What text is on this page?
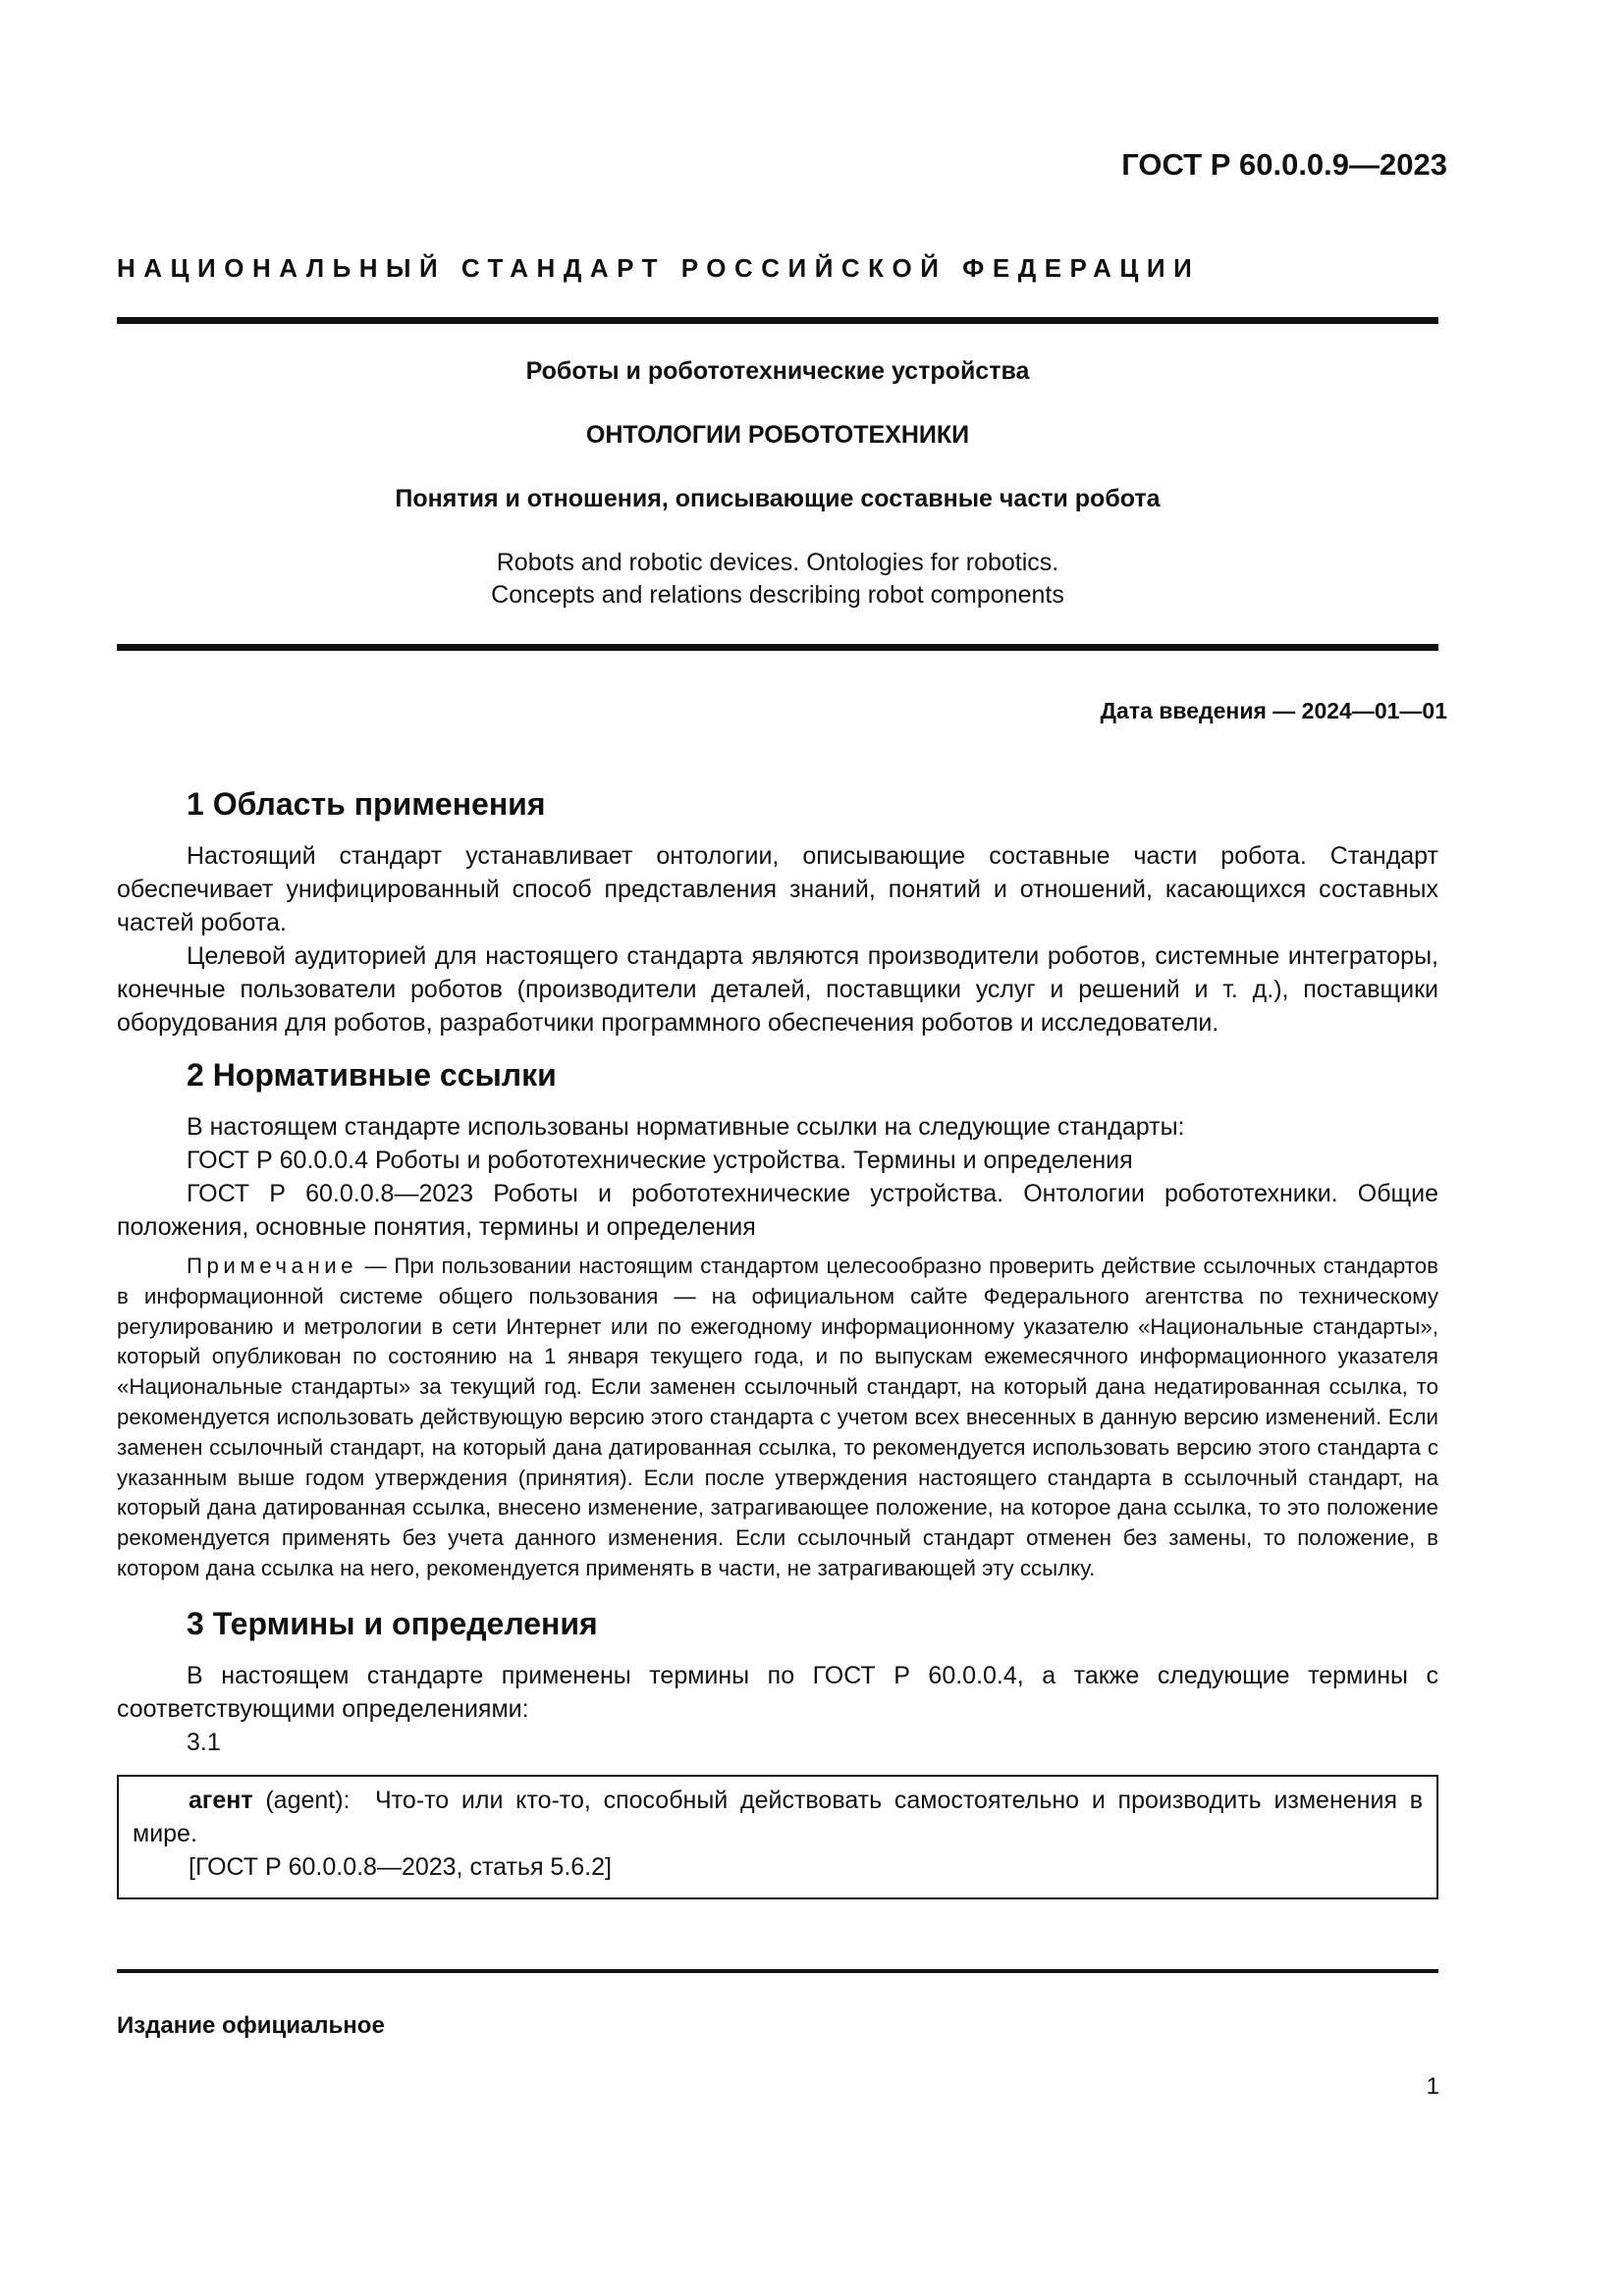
ГОСТ Р 60.0.0.9—2023
НАЦИОНАЛЬНЫЙ СТАНДАРТ РОССИЙСКОЙ ФЕДЕРАЦИИ
Роботы и робототехнические устройства
ОНТОЛОГИИ РОБОТОТЕХНИКИ
Понятия и отношения, описывающие составные части робота
Robots and robotic devices. Ontologies for robotics.
Concepts and relations describing robot components
Дата введения — 2024—01—01
1 Область применения

Настоящий стандарт устанавливает онтологии, описывающие составные части робота. Стандарт обеспечивает унифицированный способ представления знаний, понятий и отношений, касающихся составных частей робота.

Целевой аудиторией для настоящего стандарта являются производители роботов, системные интеграторы, конечные пользователи роботов (производители деталей, поставщики услуг и решений и т. д.), поставщики оборудования для роботов, разработчики программного обеспечения роботов и исследователи.

2 Нормативные ссылки

В настоящем стандарте использованы нормативные ссылки на следующие стандарты:

ГОСТ Р 60.0.0.4 Роботы и робототехнические устройства. Термины и определения

ГОСТ Р 60.0.0.8—2023 Роботы и робототехнические устройства. Онтологии робототехники. Общие положения, основные понятия, термины и определения

Примечание — При пользовании настоящим стандартом целесообразно проверить действие ссылочных стандартов в информационной системе общего пользования — на официальном сайте Федерального агентства по техническому регулированию и метрологии в сети Интернет или по ежегодному информационному указателю «Национальные стандарты», который опубликован по состоянию на 1 января текущего года, и по выпускам ежемесячного информационного указателя «Национальные стандарты» за текущий год. Если заменен ссылочный стандарт, на который дана недатированная ссылка, то рекомендуется использовать действующую версию этого стандарта с учетом всех внесенных в данную версию изменений. Если заменен ссылочный стандарт, на который дана датированная ссылка, то рекомендуется использовать версию этого стандарта с указанным выше годом утверждения (принятия). Если после утверждения настоящего стандарта в ссылочный стандарт, на который дана датированная ссылка, внесено изменение, затрагивающее положение, на которое дана ссылка, то это положение рекомендуется применять без учета данного изменения. Если ссылочный стандарт отменен без замены, то положение, в котором дана ссылка на него, рекомендуется применять в части, не затрагивающей эту ссылку.

3 Термины и определения

В настоящем стандарте применены термины по ГОСТ Р 60.0.0.4, а также следующие термины с соответствующими определениями:

3.1

агент (agent): Что-то или кто-то, способный действовать самостоятельно и производить изменения в мире.

[ГОСТ Р 60.0.0.8—2023, статья 5.6.2]

Издание официальное
1
